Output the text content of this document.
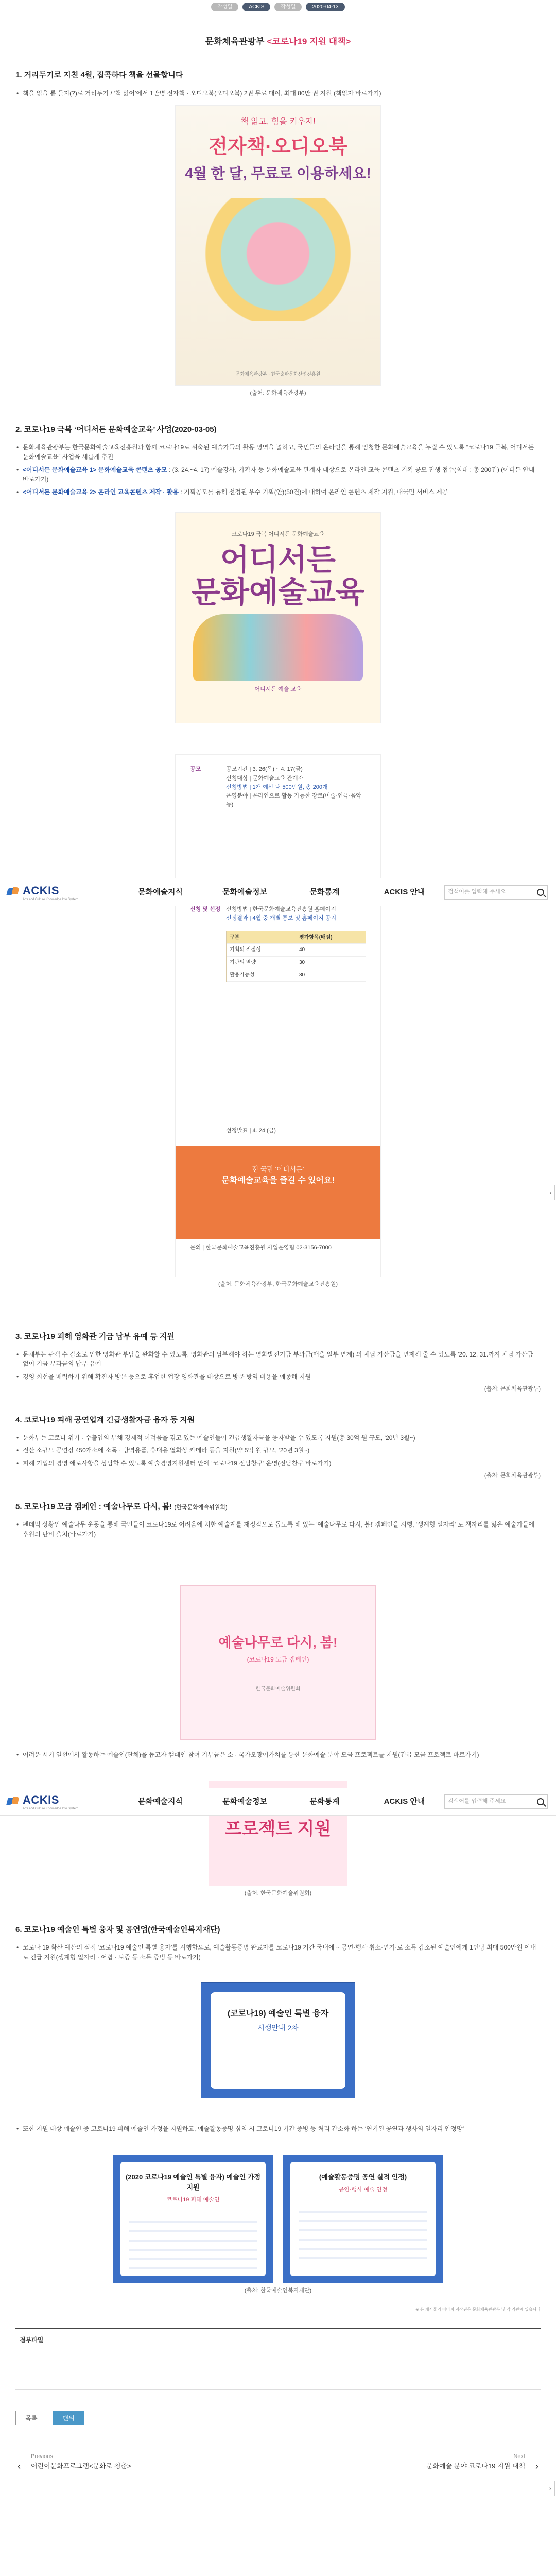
작성일	ACKIS	작성일	2020-04-13
ACKIS
Arts and Culture Knowledge Info System
문화예술지식	문화예술정보	문화통계	ACKIS 안내	검색어를 입력해 주세요
›
ACKIS
Arts and Culture Knowledge Info System
문화예술지식	문화예술정보	문화통계	ACKIS 안내	검색어를 입력해 주세요
›
문화체육관광부 <코로나19 지원 대책>
1. 거리두기로 지친 4월, 집콕하다 책을 선물합니다
• 책을 읽을 통 들지(?)로 거리두기 / ‘책 읽어’에서 1만명 전자책 · 오디오북(오디오북) 2권 무료 대여, 최대 80만 권 지원 (책읽자 바로가기)
책 읽고, 힘을 키우자!
전자책·오디오북
4월 한 달, 무료로 이용하세요!
문화체육관광부 · 한국출판문화산업진흥원
(출처: 문화체육관광부)
2. 코로나19 극복 ‘어디서든 문화예술교육’ 사업(2020-03-05)
• 문화체육관광부는 한국문화예술교육진흥원과 함께 코로나19로 위축된 예술가들의 활동 영역을 넓히고, 국민들의 온라인을 통해 엄청한 문화예술교육을 누릴 수 있도록 “코로나19 극복, 어디서든 문화예술교육” 사업을 새롭게 추진
• <어디서든 문화예술교육 1> 문화예술교육 콘텐츠 공모 : (3. 24.~4. 17) 예술강사, 기획자 등 문화예술교육 관계자 대상으로 온라인 교육 콘텐츠 기획 공모 진행 접수(최대 : 총 200건) (어디든 안내 바로가기)
• <어디서든 문화예술교육 2> 온라인 교육콘텐츠 제작 · 활용 : 기획공모를 통해 선정된 우수 기획(안)(50건)에 대하여 온라인 콘텐츠 제작 지원, 대국민 서비스 제공
코로나19 극복 어디서든 문화예술교육
어디서든
문화예술교육
어디서든 예술 교육
공모	공모기간 | 3. 26(목) ~ 4. 17(금)
신청대상 | 문화예술교육 관계자
신청방법 | 1개 예산 내 500만원, 총 200개
운영분야 | 온라인으로 활동 가능한 장르(미술·연극·음악 등)
신청 및 선정 신청방법 | 한국문화예술교육진흥원 홈페이지
선정결과 | 4월 중 개별 통보 및 홈페이지 공지
구분	평가항목(배점)
기획의 적절성	40
기관의 역량	30
활용가능성	30
선정발표 | 4. 24.(금)
전 국민 ‘어디서든’
문화예술교육을 즐길 수 있어요!
문의 | 한국문화예술교육진흥원 사업운영팀 02-3156-7000
(출처: 문화체육관광부, 한국문화예술교육진흥원)
3. 코로나19 피해 영화관 기금 납부 유예 등 지원
• 문체부는 관객 수 감소로 인한 영화관 부담을 완화할 수 있도록, 영화관의 납부해야 하는 영화발전기금 부과금(매출 일부 면제) 의 체납 가산금을 면제해 줄 수 있도록 ’20. 12. 31.까지 체납 가산금 없이 기금 부과금의 납부 유예
• 경영 회선을 매력하기 위해 확진자 방문 등으로 휴업한 업장 영화관을 대상으로 방문 방역 비용을 예종해 지원
(출처: 문화체육관광부)
4. 코로나19 피해 공연업계 긴급생활자금 융자 등 지원
• 문화부는 코로나 위기 · 수출입의 부채 경제적 어려움을 겪고 있는 예술인들이 긴급생활자금을 융자받을 수 있도록 지원(총 30억 원 규모, ‘20년 3월~)
• 전산 소규모 공연장 450개소에 소독 · 방역용품, 휴대용 열화상 카메라 등을 지원(약 5억 원 규모, ‘20년 3월~)
• 피해 기업의 경영 애로사항을 상담할 수 있도록 예술경영지원센터 안에 ‘코로나19 전담창구’ 운영(전담창구 바로가기)
(출처: 문화체육관광부)
5. 코로나19 모금 캠페인 : 예술나무로 다시, 봄! (한국문화예술위원회)
• 펜데믹 상황인 예술나무 운동을 통해 국민들이 코로나19로 어려움에 처한 예술계를 재정적으로 돕도록 해 있는 ‘예술나무로 다시, 봄!’ 캠페인을 시행, ‘생계형 일자리’ 로 책자리를 잃은 예술가들에 후원의 단비 출처(바로가기)
예술나무로 다시, 봄!
(코로나19 모금 캠페인)
한국문화예술위원회
• 어려운 시기 일선에서 활동하는 예술인(단체)을 돕고자 캠페인 참여 기부금은 소 · 국가오광이가치를 통한 문화예술 분야 모금 프로젝트를 지원(긴급 모금 프로젝트 바로가기)
프로젝트 지원
(출처: 한국문화예술위원회)
6. 코로나19 예술인 특별 융자 및 공연업(한국예술인복지재단)
• 코로나 19 확산 예산의 실적 ‘코로나19 예술인 특별 융자’를 시행함으로, 예술활동증명 완료자를 코로나19 기간 국내에 ~ 공연·행사 취소·연기·로 소득 감소된 예술인에게 1인당 최대 500만원 이내로 긴급 지원(생계형 일자리 · 어렵 · 보증 등 소득 증빙 등 바로가기)
(코로나19) 예술인 특별 융자
시행안내 2차
• 또한 지원 대상 예술인 중 코로나19 피해 예술인 가정을 지원하고, 예술활동증명 심의 시 코로나19 기간 증빙 등 처리 간소화 하는 ‘연기된 공연과 행사의 일자리 안정망’
(2020 코로나19 예술인 특별 융자) 예술인 가정 지원
코로나19 피해 예술인
(예술활동증명 공연 실적 인정)
공연·행사 예술 인정
(출처: 한국예술인복지재단)
※ 본 게시물의 이미지 저작권은 문화체육관광부 및 각 기관에 있습니다
첨부파일
목록	맨위
‹
Previous
어린이문화프로그램<문화로 청춘>	›
Next
문화예술 분야 코로나19 지원 대책
